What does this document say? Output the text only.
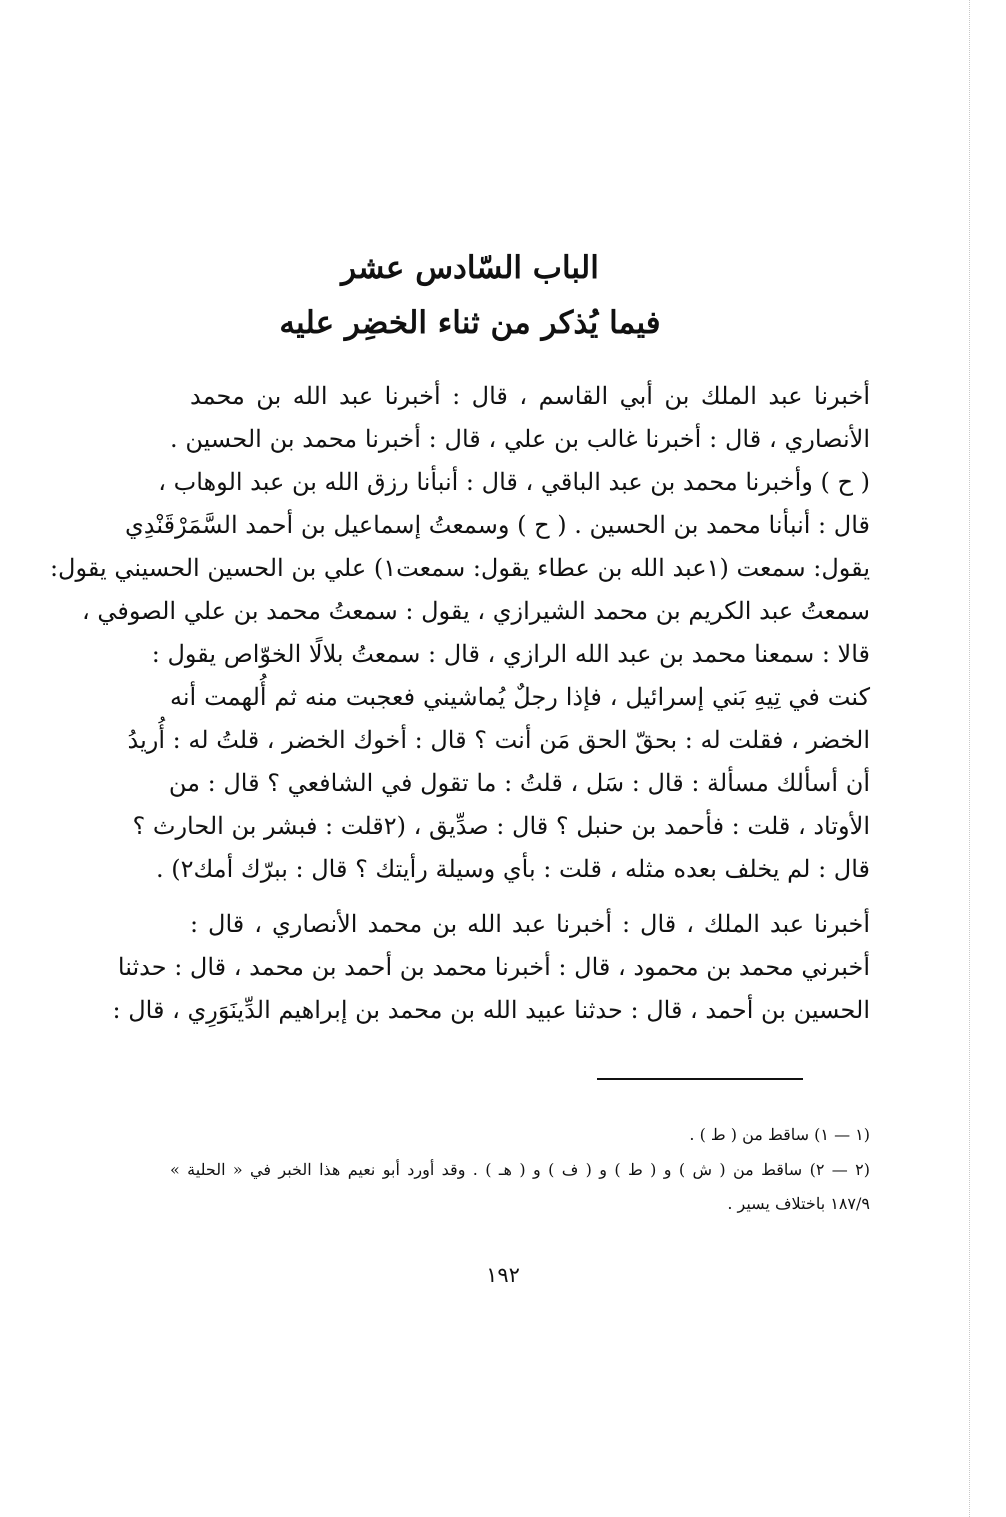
الباب السّادس عشر
فيما يُذكر من ثناء الخضِر عليه
أخبرنا عبد الملك بن أبي القاسم ، قال : أخبرنا عبد الله بن محمد
الأنصاري ، قال : أخبرنا غالب بن علي ، قال : أخبرنا محمد بن الحسين .
( ح ) وأخبرنا محمد بن عبد الباقي ، قال : أنبأنا رزق الله بن عبد الوهاب ،
قال : أنبأنا محمد بن الحسين . ( ح ) وسمعتُ إسماعيل بن أحمد السَّمَرْقَنْدِي
يقول: سمعت (١عبد الله بن عطاء يقول: سمعت١) علي بن الحسين الحسيني يقول:
سمعتُ عبد الكريم بن محمد الشيرازي ، يقول : سمعتُ محمد بن علي الصوفي ،
قالا : سمعنا محمد بن عبد الله الرازي ، قال : سمعتُ بلالًا الخوّاص يقول :
كنت في تِيهِ بَني إسرائيل ، فإذا رجلٌ يُماشيني فعجبت منه ثم أُلهمت أنه
الخضر ، فقلت له : بحقّ الحق مَن أنت ؟ قال : أخوك الخضر ، قلتُ له : أُريدُ
أن أسألك مسألة : قال : سَل ، قلتُ : ما تقول في الشافعي ؟ قال : من
الأوتاد ، قلت : فأحمد بن حنبل ؟ قال : صدِّيق ، (٢قلت : فبشر بن الحارث ؟
قال : لم يخلف بعده مثله ، قلت : بأي وسيلة رأيتك ؟ قال : ببرّك أمك٢) .
أخبرنا عبد الملك ، قال : أخبرنا عبد الله بن محمد الأنصاري ، قال :
أخبرني محمد بن محمود ، قال : أخبرنا محمد بن أحمد بن محمد ، قال : حدثنا
الحسين بن أحمد ، قال : حدثنا عبيد الله بن محمد بن إبراهيم الدِّينَوَرِي ، قال :
(١ — ١) ساقط من ( ط ) .
(٢ — ٢) ساقط من ( ش ) و ( ط ) و ( ف ) و ( هـ ) . وقد أورد أبو نعيم هذا الخبر في « الحلية »
١٨٧/٩ باختلاف يسير .
١٩٢
